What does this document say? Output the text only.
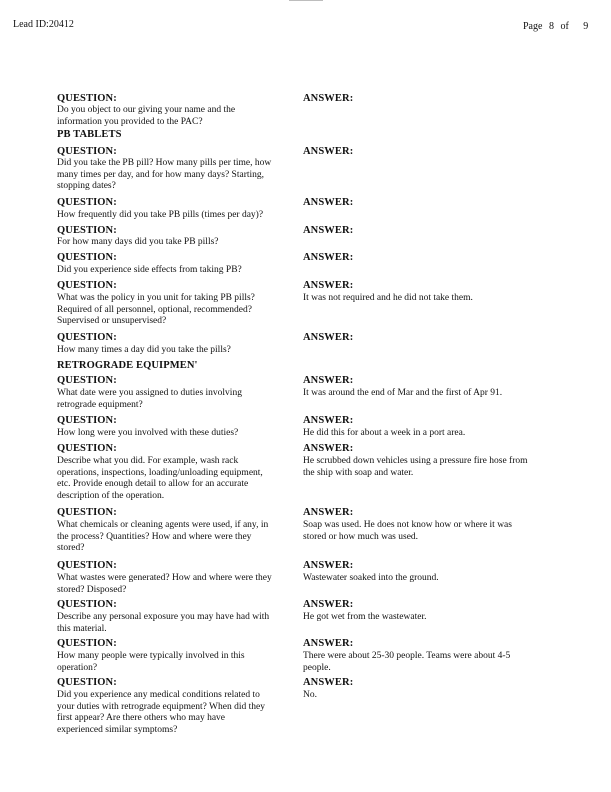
Lead ID:20412	Page 8 of 9
QUESTION:
Do you object to our giving your name and the
information you provided to the PAC?
ANSWER:
PB TABLETS
QUESTION:
Did you take the PB pill? How many pills per time, how
many times per day, and for how many days? Starting,
stopping dates?
ANSWER:
QUESTION:
How frequently did you take PB pills (times per day)?
ANSWER:
QUESTION:
For how many days did you take PB pills?
ANSWER:
QUESTION:
Did you experience side effects from taking PB?
ANSWER:
QUESTION:
What was the policy in you unit for taking PB pills?
Required of all personnel, optional, recommended?
Supervised or unsupervised?
ANSWER:
It was not required and he did not take them.
QUESTION:
How many times a day did you take the pills?
ANSWER:
RETROGRADE EQUIPMEN'
QUESTION:
What date were you assigned to duties involving
retrograde equipment?
ANSWER:
It was around the end of Mar and the first of Apr 91.
QUESTION:
How long were you involved with these duties?
ANSWER:
He did this for about a week in a port area.
QUESTION:
Describe what you did. For example, wash rack
operations, inspections, loading/unloading equipment,
etc. Provide enough detail to allow for an accurate
description of the operation.
ANSWER:
He scrubbed down vehicles using a pressure fire hose from
the ship with soap and water.
QUESTION:
What chemicals or cleaning agents were used, if any, in
the process? Quantities? How and where were they
stored?
ANSWER:
Soap was used. He does not know how or where it was
stored or how much was used.
QUESTION:
What wastes were generated? How and where were they
stored? Disposed?
ANSWER:
Wastewater soaked into the ground.
QUESTION:
Describe any personal exposure you may have had with
this material.
ANSWER:
He got wet from the wastewater.
QUESTION:
How many people were typically involved in this
operation?
ANSWER:
There were about 25-30 people. Teams were about 4-5
people.
QUESTION:
Did you experience any medical conditions related to
your duties with retrograde equipment? When did they
first appear? Are there others who may have
experienced similar symptoms?
ANSWER:
No.
